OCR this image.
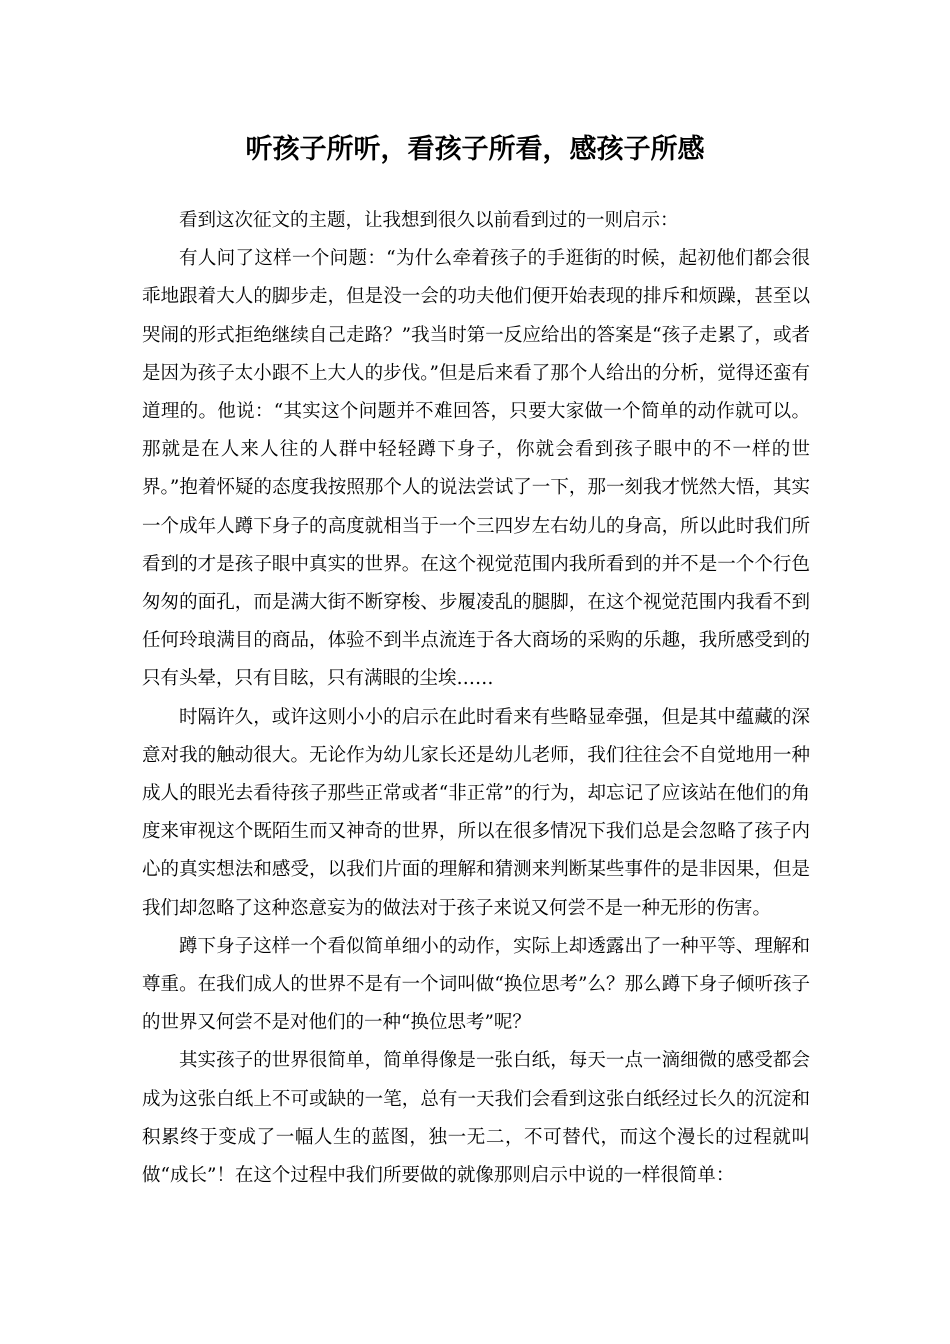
听孩子所听，看孩子所看，感孩子所感

看到这次征文的主题，让我想到很久以前看到过的一则启示：

有人问了这样一个问题：“为什么牵着孩子的手逛街的时候，起初他们都会很乖地跟着大人的脚步走，但是没一会的功夫他们便开始表现的排斥和烦躁，甚至以哭闹的形式拒绝继续自己走路？”我当时第一反应给出的答案是“孩子走累了，或者是因为孩子太小跟不上大人的步伐。”但是后来看了那个人给出的分析，觉得还蛮有道理的。他说：“其实这个问题并不难回答，只要大家做一个简单的动作就可以。那就是在人来人往的人群中轻轻蹲下身子，你就会看到孩子眼中的不一样的世界。”抱着怀疑的态度我按照那个人的说法尝试了一下，那一刻我才恍然大悟，其实一个成年人蹲下身子的高度就相当于一个三四岁左右幼儿的身高，所以此时我们所看到的才是孩子眼中真实的世界。在这个视觉范围内我所看到的并不是一个个行色匆匆的面孔，而是满大街不断穿梭、步履凌乱的腿脚，在这个视觉范围内我看不到任何玲琅满目的商品，体验不到半点流连于各大商场的采购的乐趣，我所感受到的只有头晕，只有目眩，只有满眼的尘埃……

时隔许久，或许这则小小的启示在此时看来有些略显牵强，但是其中蕴藏的深意对我的触动很大。无论作为幼儿家长还是幼儿老师，我们往往会不自觉地用一种成人的眼光去看待孩子那些正常或者“非正常”的行为，却忘记了应该站在他们的角度来审视这个既陌生而又神奇的世界，所以在很多情况下我们总是会忽略了孩子内心的真实想法和感受，以我们片面的理解和猜测来判断某些事件的是非因果，但是我们却忽略了这种恣意妄为的做法对于孩子来说又何尝不是一种无形的伤害。

蹲下身子这样一个看似简单细小的动作，实际上却透露出了一种平等、理解和尊重。在我们成人的世界不是有一个词叫做“换位思考”么？那么蹲下身子倾听孩子的世界又何尝不是对他们的一种“换位思考”呢？

其实孩子的世界很简单，简单得像是一张白纸，每天一点一滴细微的感受都会成为这张白纸上不可或缺的一笔，总有一天我们会看到这张白纸经过长久的沉淀和积累终于变成了一幅人生的蓝图，独一无二，不可替代，而这个漫长的过程就叫做“成长”！在这个过程中我们所要做的就像那则启示中说的一样很简单：
